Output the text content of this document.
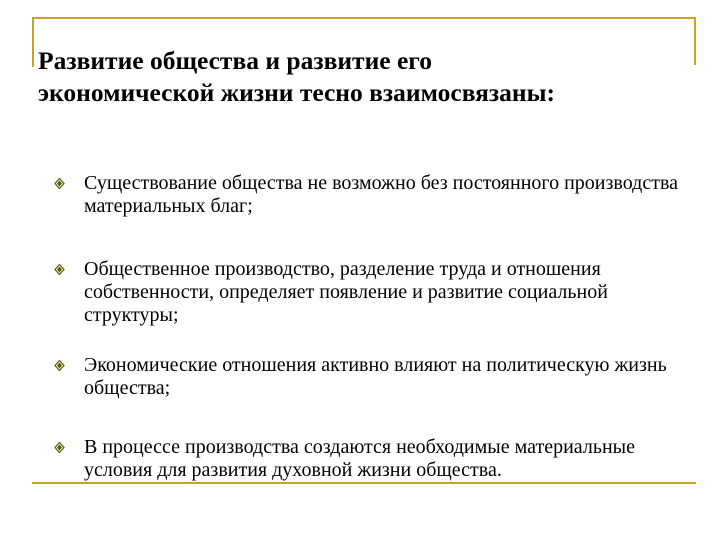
Развитие общества и развитие его
экономической жизни тесно взаимосвязаны:
Существование общества не возможно без постоянного производства материальных благ;
Общественное производство, разделение труда и отношения собственности, определяет появление и развитие социальной структуры;
Экономические отношения активно влияют на политическую жизнь общества;
В процессе производства создаются необходимые материальные условия для развития духовной жизни общества.
